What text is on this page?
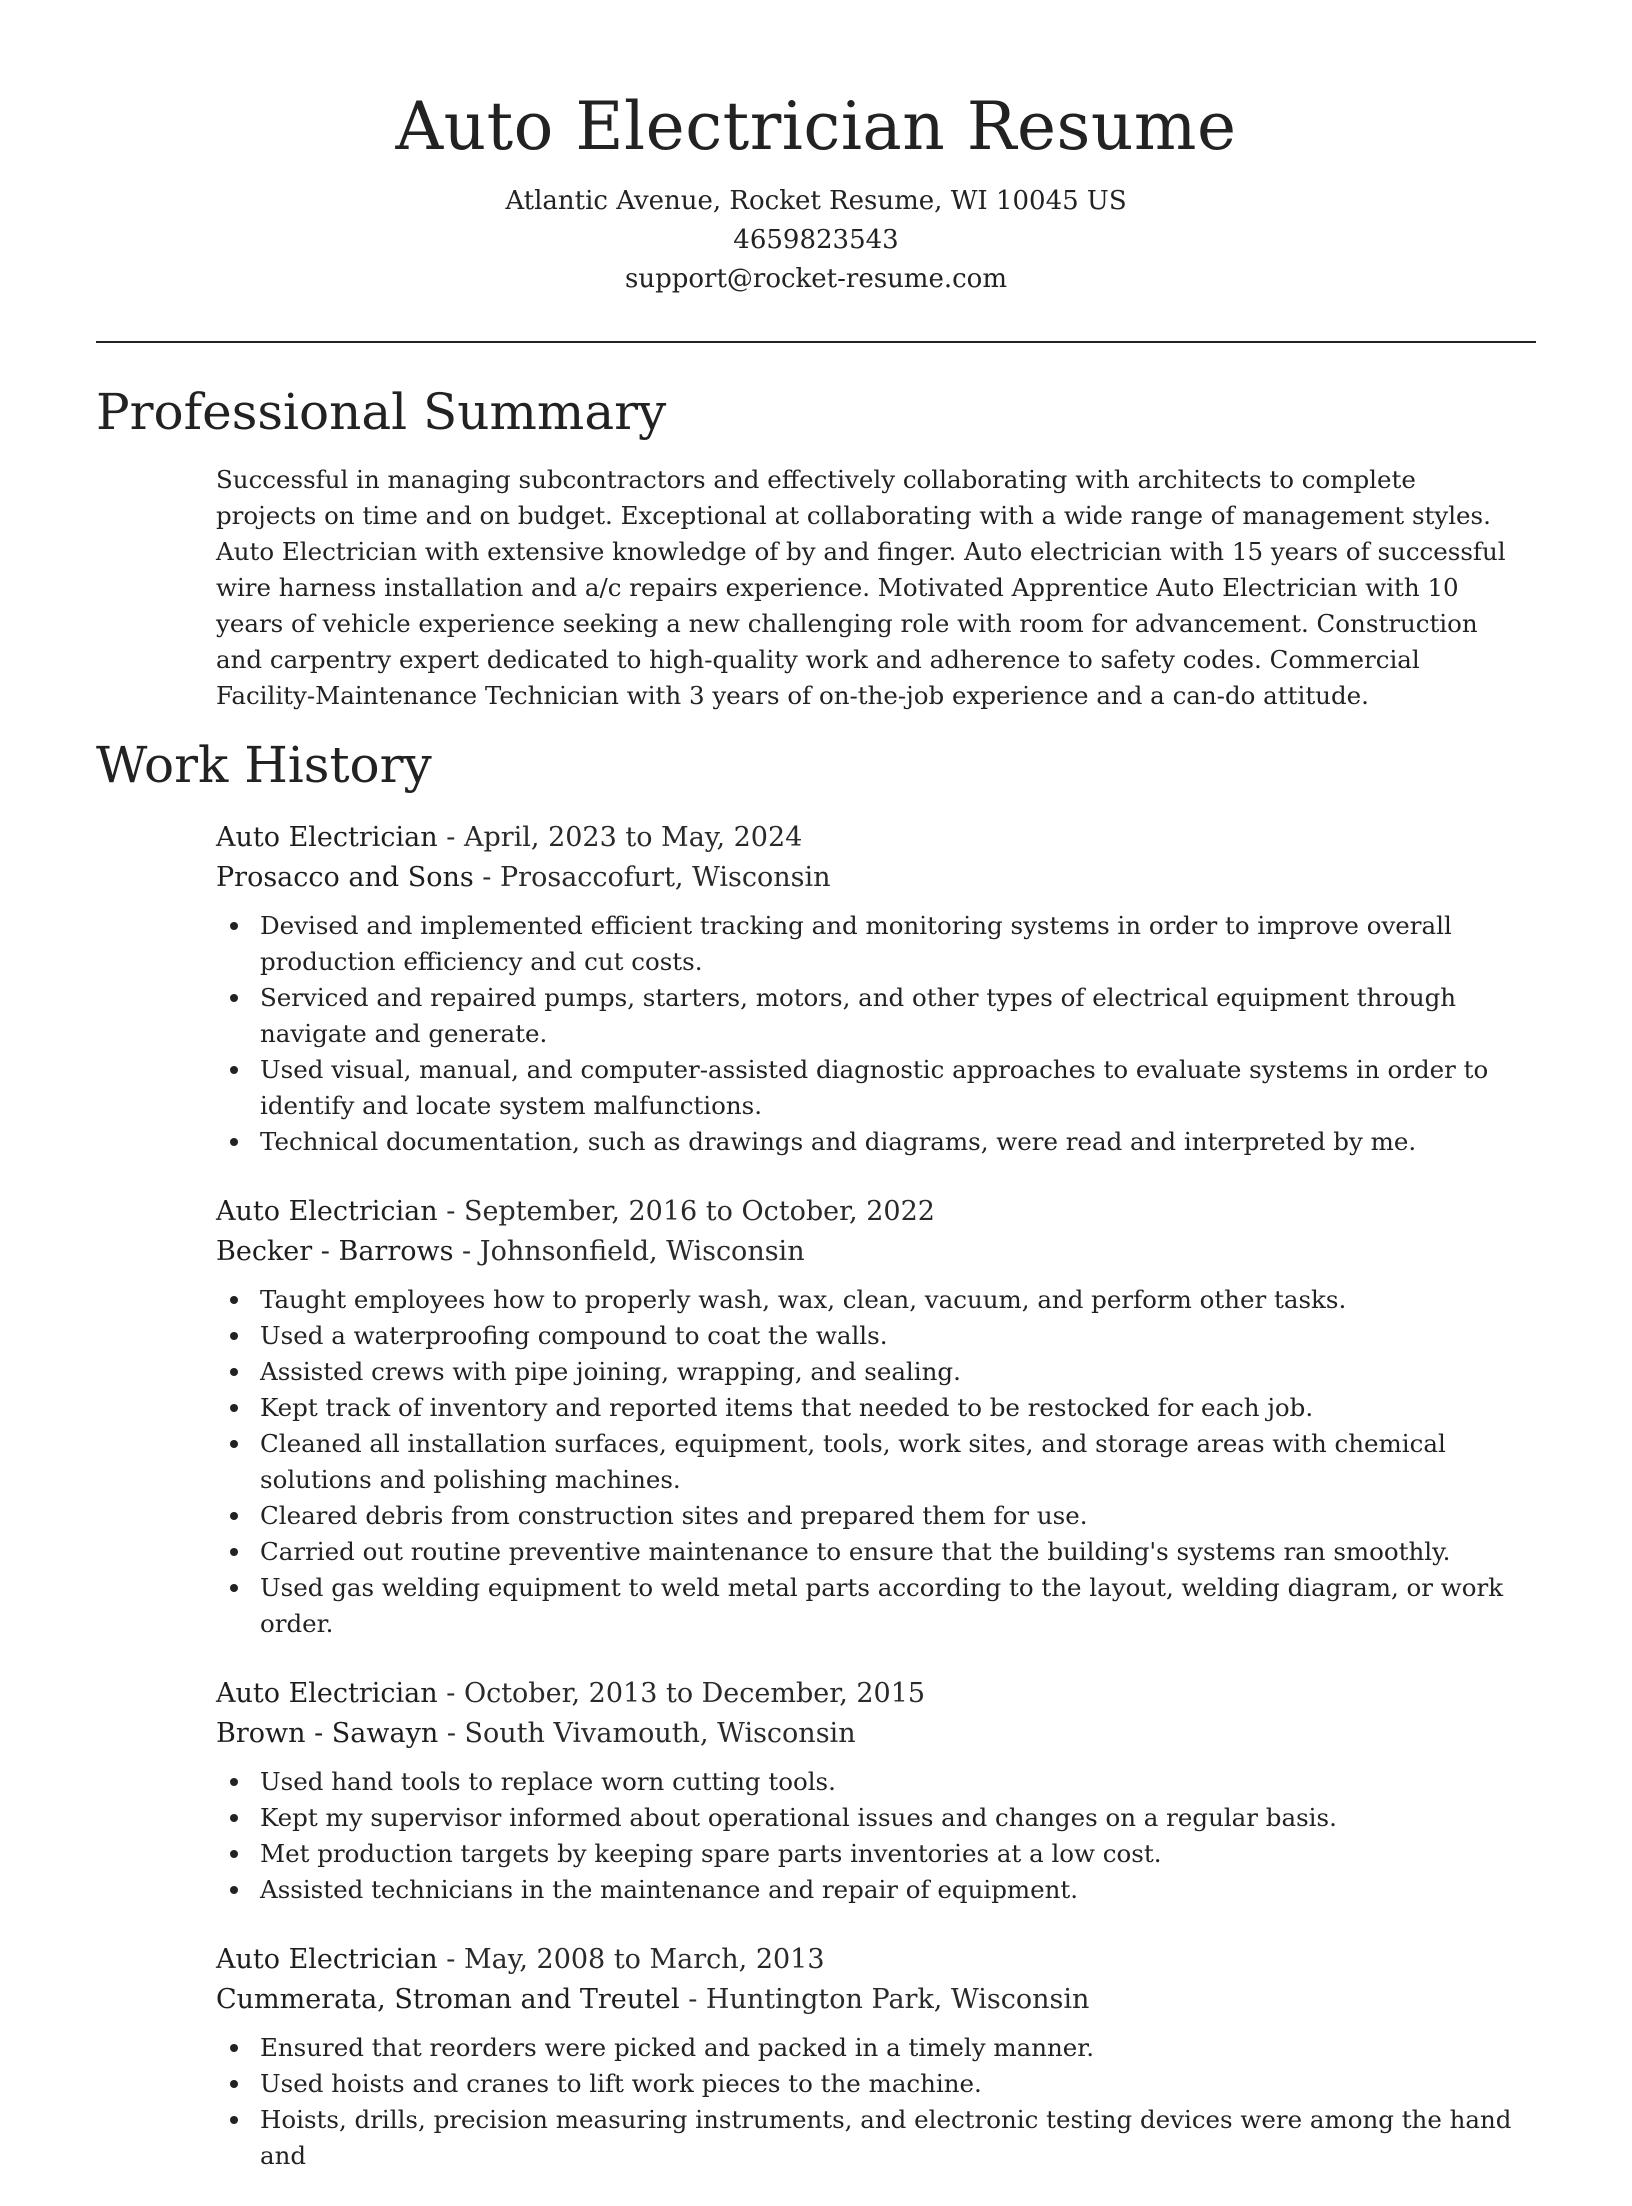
Auto Electrician Resume
Atlantic Avenue, Rocket Resume, WI 10045 US
4659823543
support@rocket-resume.com
Professional Summary

Successful in managing subcontractors and effectively collaborating with architects to complete projects on time and on budget. Exceptional at collaborating with a wide range of management styles. Auto Electrician with extensive knowledge of by and finger. Auto electrician with 15 years of successful wire harness installation and a/c repairs experience. Motivated Apprentice Auto Electrician with 10 years of vehicle experience seeking a new challenging role with room for advancement. Construction and carpentry expert dedicated to high-quality work and adherence to safety codes. Commercial Facility-Maintenance Technician with 3 years of on-the-job experience and a can-do attitude.

Work History
Auto Electrician - April, 2023 to May, 2024
Prosacco and Sons - Prosaccofurt, Wisconsin
Devised and implemented efficient tracking and monitoring systems in order to improve overall production efficiency and cut costs.
Serviced and repaired pumps, starters, motors, and other types of electrical equipment through navigate and generate.
Used visual, manual, and computer-assisted diagnostic approaches to evaluate systems in order to identify and locate system malfunctions.
Technical documentation, such as drawings and diagrams, were read and interpreted by me.
Auto Electrician - September, 2016 to October, 2022
Becker - Barrows - Johnsonfield, Wisconsin
Taught employees how to properly wash, wax, clean, vacuum, and perform other tasks.
Used a waterproofing compound to coat the walls.
Assisted crews with pipe joining, wrapping, and sealing.
Kept track of inventory and reported items that needed to be restocked for each job.
Cleaned all installation surfaces, equipment, tools, work sites, and storage areas with chemical solutions and polishing machines.
Cleared debris from construction sites and prepared them for use.
Carried out routine preventive maintenance to ensure that the building's systems ran smoothly.
Used gas welding equipment to weld metal parts according to the layout, welding diagram, or work order.
Auto Electrician - October, 2013 to December, 2015
Brown - Sawayn - South Vivamouth, Wisconsin
Used hand tools to replace worn cutting tools.
Kept my supervisor informed about operational issues and changes on a regular basis.
Met production targets by keeping spare parts inventories at a low cost.
Assisted technicians in the maintenance and repair of equipment.
Auto Electrician - May, 2008 to March, 2013
Cummerata, Stroman and Treutel - Huntington Park, Wisconsin
Ensured that reorders were picked and packed in a timely manner.
Used hoists and cranes to lift work pieces to the machine.
Hoists, drills, precision measuring instruments, and electronic testing devices were among the hand and
